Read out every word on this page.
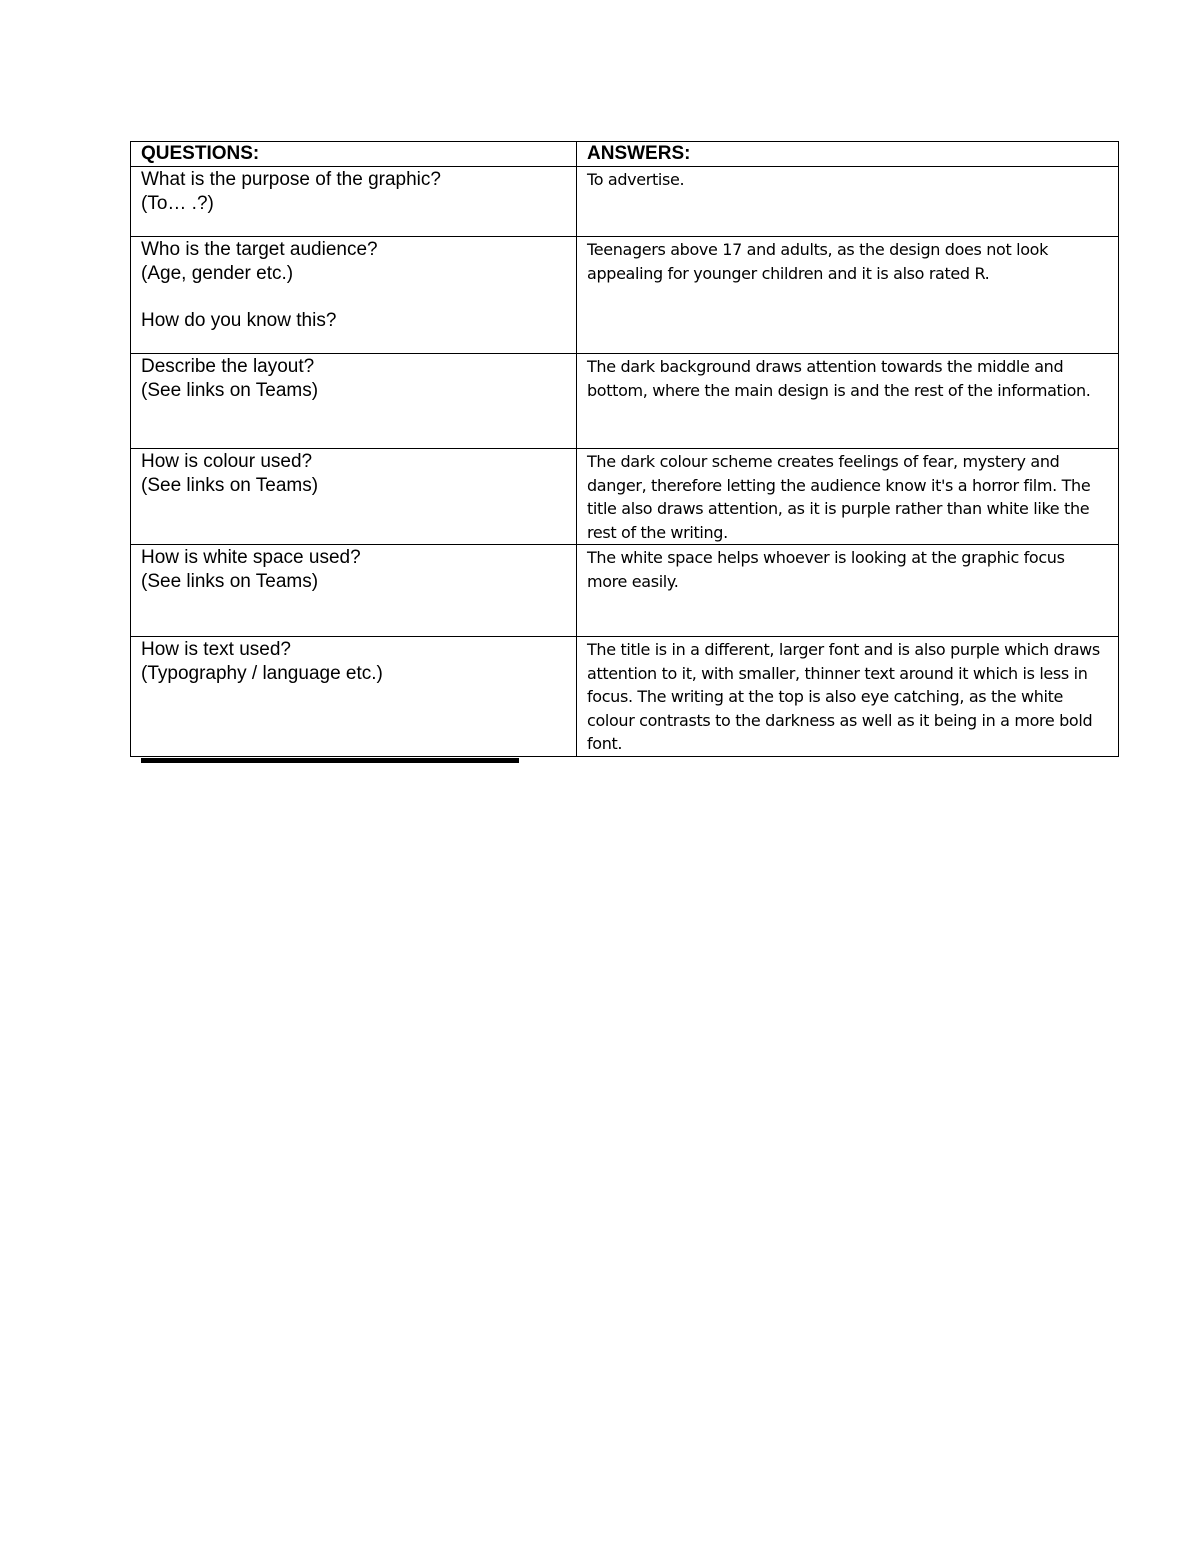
QUESTIONS:	ANSWERS:

What is the purpose of the graphic?
(To… .?)	To advertise.

Who is the target audience?
(Age, gender etc.)
How do you know this?	Teenagers above 17 and adults, as the design does not look appealing for younger children and it is also rated R.

Describe the layout?
(See links on Teams)	The dark background draws attention towards the middle and bottom, where the main design is and the rest of the information.

How is colour used?
(See links on Teams)	The dark colour scheme creates feelings of fear, mystery and danger, therefore letting the audience know it's a horror film. The title also draws attention, as it is purple rather than white like the rest of the writing.

How is white space used?
(See links on Teams)	The white space helps whoever is looking at the graphic focus more easily.

How is text used?
(Typography / language etc.)	The title is in a different, larger font and is also purple which draws attention to it, with smaller, thinner text around it which is less in focus. The writing at the top is also eye catching, as the white colour contrasts to the darkness as well as it being in a more bold font.
